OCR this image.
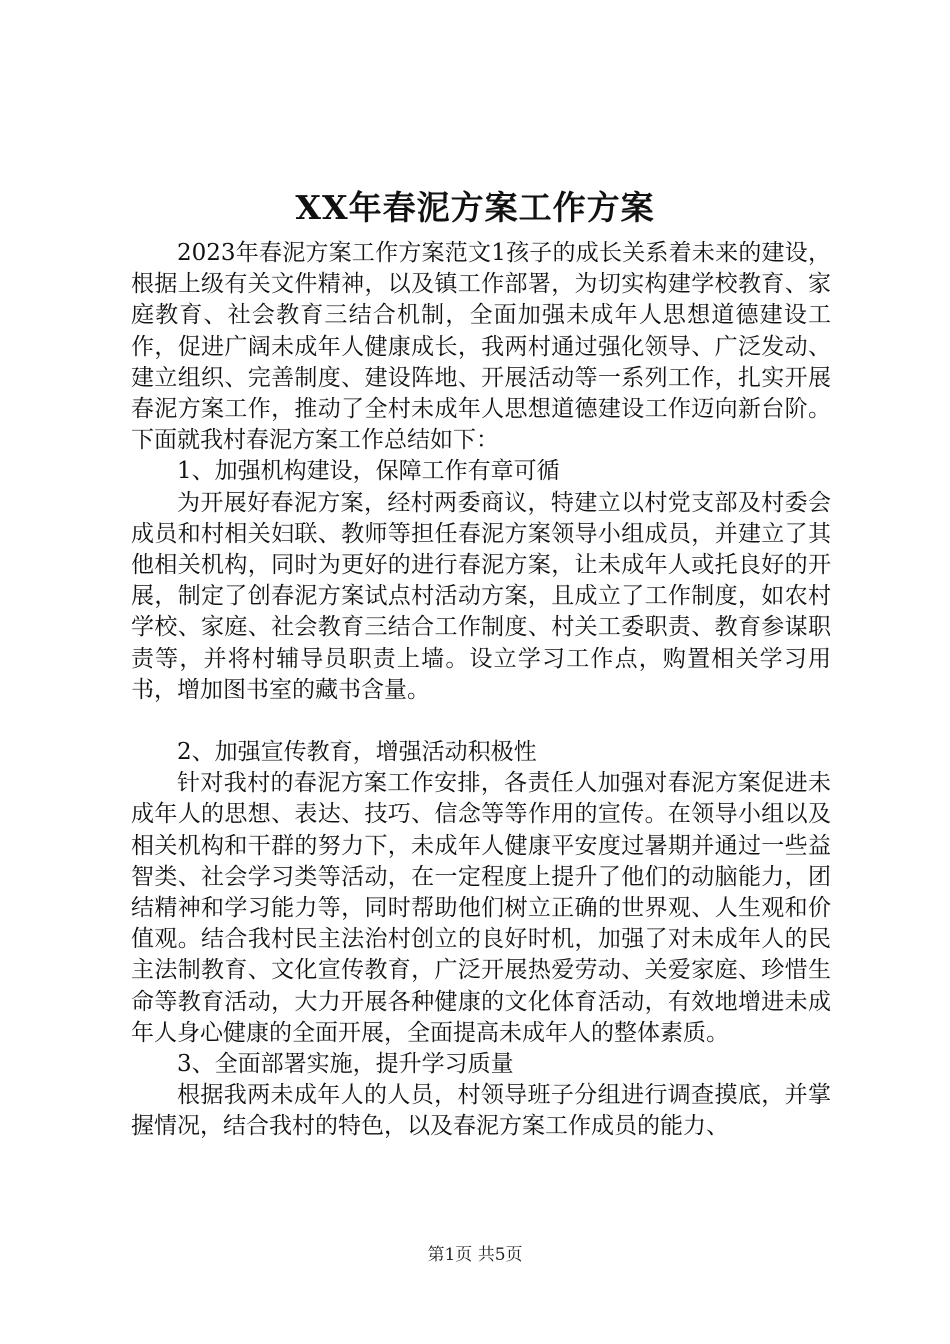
XX年春泥方案工作方案

2023年春泥方案工作方案范文1孩子的成长关系着未来的建设，根据上级有关文件精神，以及镇工作部署，为切实构建学校教育、家庭教育、社会教育三结合机制，全面加强未成年人思想道德建设工作，促进广阔未成年人健康成长，我两村通过强化领导、广泛发动、建立组织、完善制度、建设阵地、开展活动等一系列工作，扎实开展春泥方案工作，推动了全村未成年人思想道德建设工作迈向新台阶。下面就我村春泥方案工作总结如下：

1、加强机构建设，保障工作有章可循

为开展好春泥方案，经村两委商议，特建立以村党支部及村委会成员和村相关妇联、教师等担任春泥方案领导小组成员，并建立了其他相关机构，同时为更好的进行春泥方案，让未成年人或托良好的开展，制定了创春泥方案试点村活动方案，且成立了工作制度，如农村学校、家庭、社会教育三结合工作制度、村关工委职责、教育参谋职责等，并将村辅导员职责上墙。设立学习工作点，购置相关学习用书，增加图书室的藏书含量。

2、加强宣传教育，增强活动积极性

针对我村的春泥方案工作安排，各责任人加强对春泥方案促进未成年人的思想、表达、技巧、信念等等作用的宣传。在领导小组以及相关机构和干群的努力下，未成年人健康平安度过暑期并通过一些益智类、社会学习类等活动，在一定程度上提升了他们的动脑能力，团结精神和学习能力等，同时帮助他们树立正确的世界观、人生观和价值观。结合我村民主法治村创立的良好时机，加强了对未成年人的民主法制教育、文化宣传教育，广泛开展热爱劳动、关爱家庭、珍惜生命等教育活动，大力开展各种健康的文化体育活动，有效地增进未成年人身心健康的全面开展，全面提高未成年人的整体素质。

3、全面部署实施，提升学习质量

根据我两未成年人的人员，村领导班子分组进行调查摸底，并掌握情况，结合我村的特色，以及春泥方案工作成员的能力、

第1页 共5页
